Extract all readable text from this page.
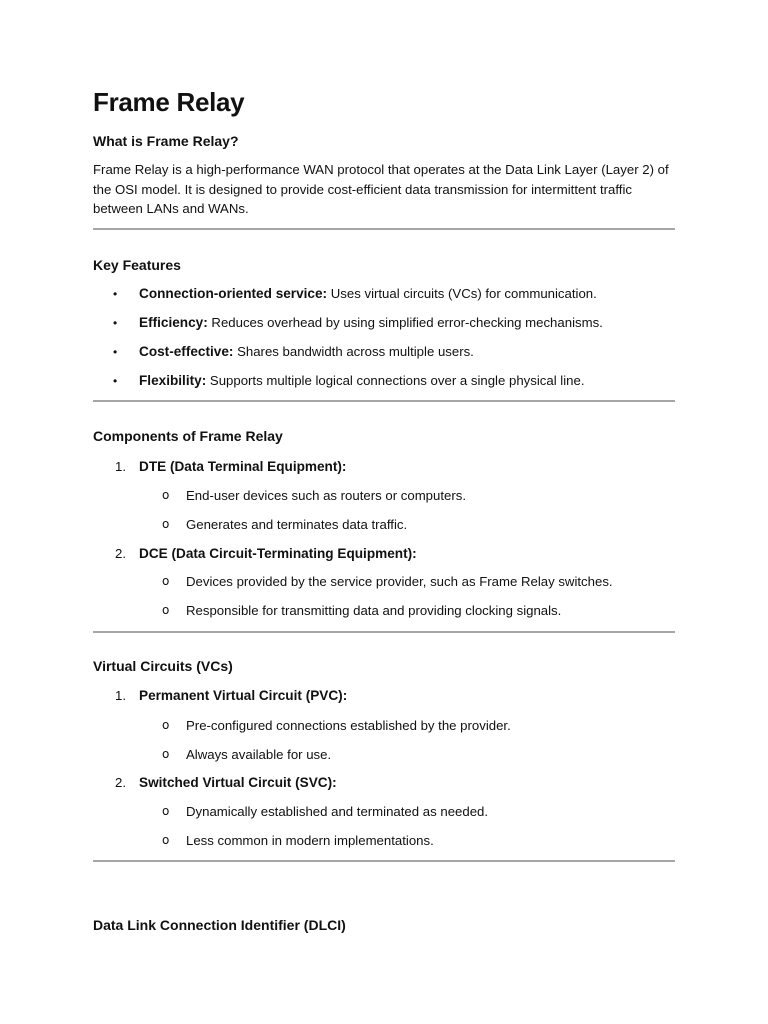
Frame Relay
What is Frame Relay?

Frame Relay is a high-performance WAN protocol that operates at the Data Link Layer (Layer 2) of the OSI model. It is designed to provide cost-efficient data transmission for intermittent traffic between LANs and WANs.

Key Features
• Connection-oriented service: Uses virtual circuits (VCs) for communication.
• Efficiency: Reduces overhead by using simplified error-checking mechanisms.
• Cost-effective: Shares bandwidth across multiple users.
• Flexibility: Supports multiple logical connections over a single physical line.
Components of Frame Relay
1. DTE (Data Terminal Equipment):
o End-user devices such as routers or computers.
o Generates and terminates data traffic.
2. DCE (Data Circuit-Terminating Equipment):
o Devices provided by the service provider, such as Frame Relay switches.
o Responsible for transmitting data and providing clocking signals.
Virtual Circuits (VCs)
1. Permanent Virtual Circuit (PVC):
o Pre-configured connections established by the provider.
o Always available for use.
2. Switched Virtual Circuit (SVC):
o Dynamically established and terminated as needed.
o Less common in modern implementations.
Data Link Connection Identifier (DLCI)
